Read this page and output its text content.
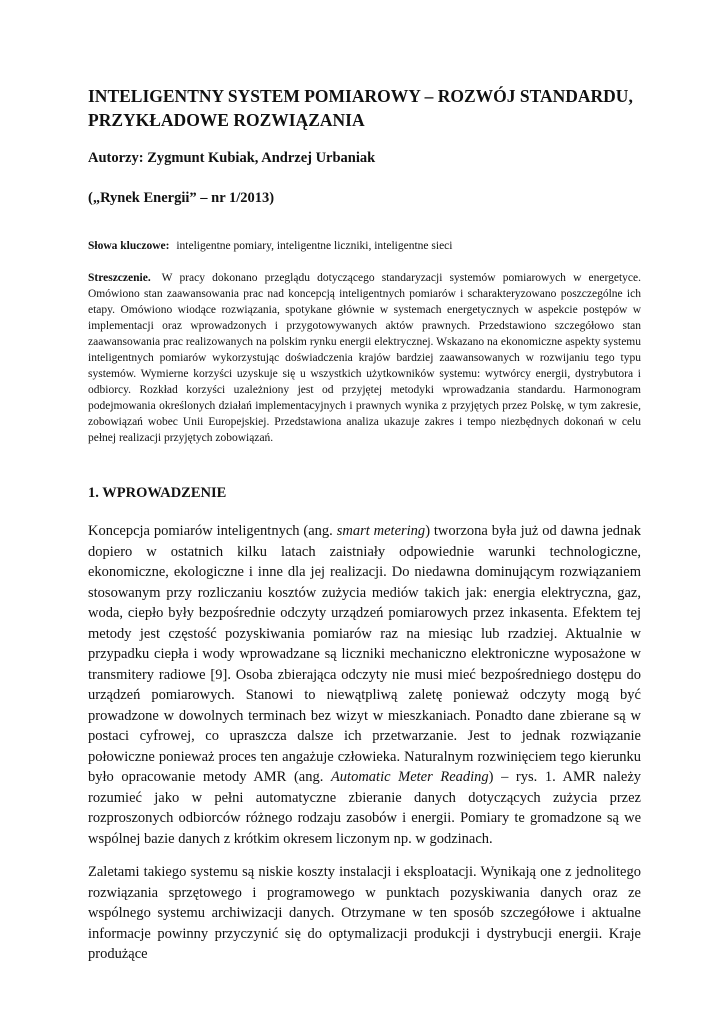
INTELIGENTNY SYSTEM POMIAROWY – ROZWÓJ STANDARDU, PRZYKŁADOWE ROZWIĄZANIA

Autorzy: Zygmunt Kubiak, Andrzej Urbaniak

(„Rynek Energii” – nr 1/2013)

Słowa kluczowe: inteligentne pomiary, inteligentne liczniki, inteligentne sieci

Streszczenie. W pracy dokonano przeglądu dotyczącego standaryzacji systemów pomiarowych w energetyce. Omówiono stan zaawansowania prac nad koncepcją inteligentnych pomiarów i scharakteryzowano poszczególne ich etapy. Omówiono wiodące rozwiązania, spotykane głównie w systemach energetycznych w aspekcie postępów w implementacji oraz wprowadzonych i przygotowywanych aktów prawnych. Przedstawiono szczegółowo stan zaawansowania prac realizowanych na polskim rynku energii elektrycznej. Wskazano na ekonomiczne aspekty systemu inteligentnych pomiarów wykorzystując doświadczenia krajów bardziej zaawansowanych w rozwijaniu tego typu systemów. Wymierne korzyści uzyskuje się u wszystkich użytkowników systemu: wytwórcy energii, dystrybutora i odbiorcy. Rozkład korzyści uzależniony jest od przyjętej metodyki wprowadzania standardu. Harmonogram podejmowania określonych działań implementacyjnych i prawnych wynika z przyjętych przez Polskę, w tym zakresie, zobowiązań wobec Unii Europejskiej. Przedstawiona analiza ukazuje zakres i tempo niezbędnych dokonań w celu pełnej realizacji przyjętych zobowiązań.

1. WPROWADZENIE

Koncepcja pomiarów inteligentnych (ang. smart metering) tworzona była już od dawna jednak dopiero w ostatnich kilku latach zaistniały odpowiednie warunki technologiczne, ekonomiczne, ekologiczne i inne dla jej realizacji. Do niedawna dominującym rozwiązaniem stosowanym przy rozliczaniu kosztów zużycia mediów takich jak: energia elektryczna, gaz, woda, ciepło były bezpośrednie odczyty urządzeń pomiarowych przez inkasenta. Efektem tej metody jest częstość pozyskiwania pomiarów raz na miesiąc lub rzadziej. Aktualnie w przypadku ciepła i wody wprowadzane są liczniki mechaniczno elektroniczne wyposażone w transmitery radiowe [9]. Osoba zbierająca odczyty nie musi mieć bezpośredniego dostępu do urządzeń pomiarowych. Stanowi to niewątpliwą zaletę ponieważ odczyty mogą być prowadzone w dowolnych terminach bez wizyt w mieszkaniach. Ponadto dane zbierane są w postaci cyfrowej, co upraszcza dalsze ich przetwarzanie. Jest to jednak rozwiązanie połowiczne ponieważ proces ten angażuje człowieka. Naturalnym rozwinięciem tego kierunku było opracowanie metody AMR (ang. Automatic Meter Reading) – rys. 1. AMR należy rozumieć jako w pełni automatyczne zbieranie danych dotyczących zużycia przez rozproszonych odbiorców różnego rodzaju zasobów i energii. Pomiary te gromadzone są we wspólnej bazie danych z krótkim okresem liczonym np. w godzinach.

Zaletami takiego systemu są niskie koszty instalacji i eksploatacji. Wynikają one z jednolitego rozwiązania sprzętowego i programowego w punktach pozyskiwania danych oraz ze wspólnego systemu archiwizacji danych. Otrzymane w ten sposób szczegółowe i aktualne informacje powinny przyczynić się do optymalizacji produkcji i dystrybucji energii. Kraje produżące
